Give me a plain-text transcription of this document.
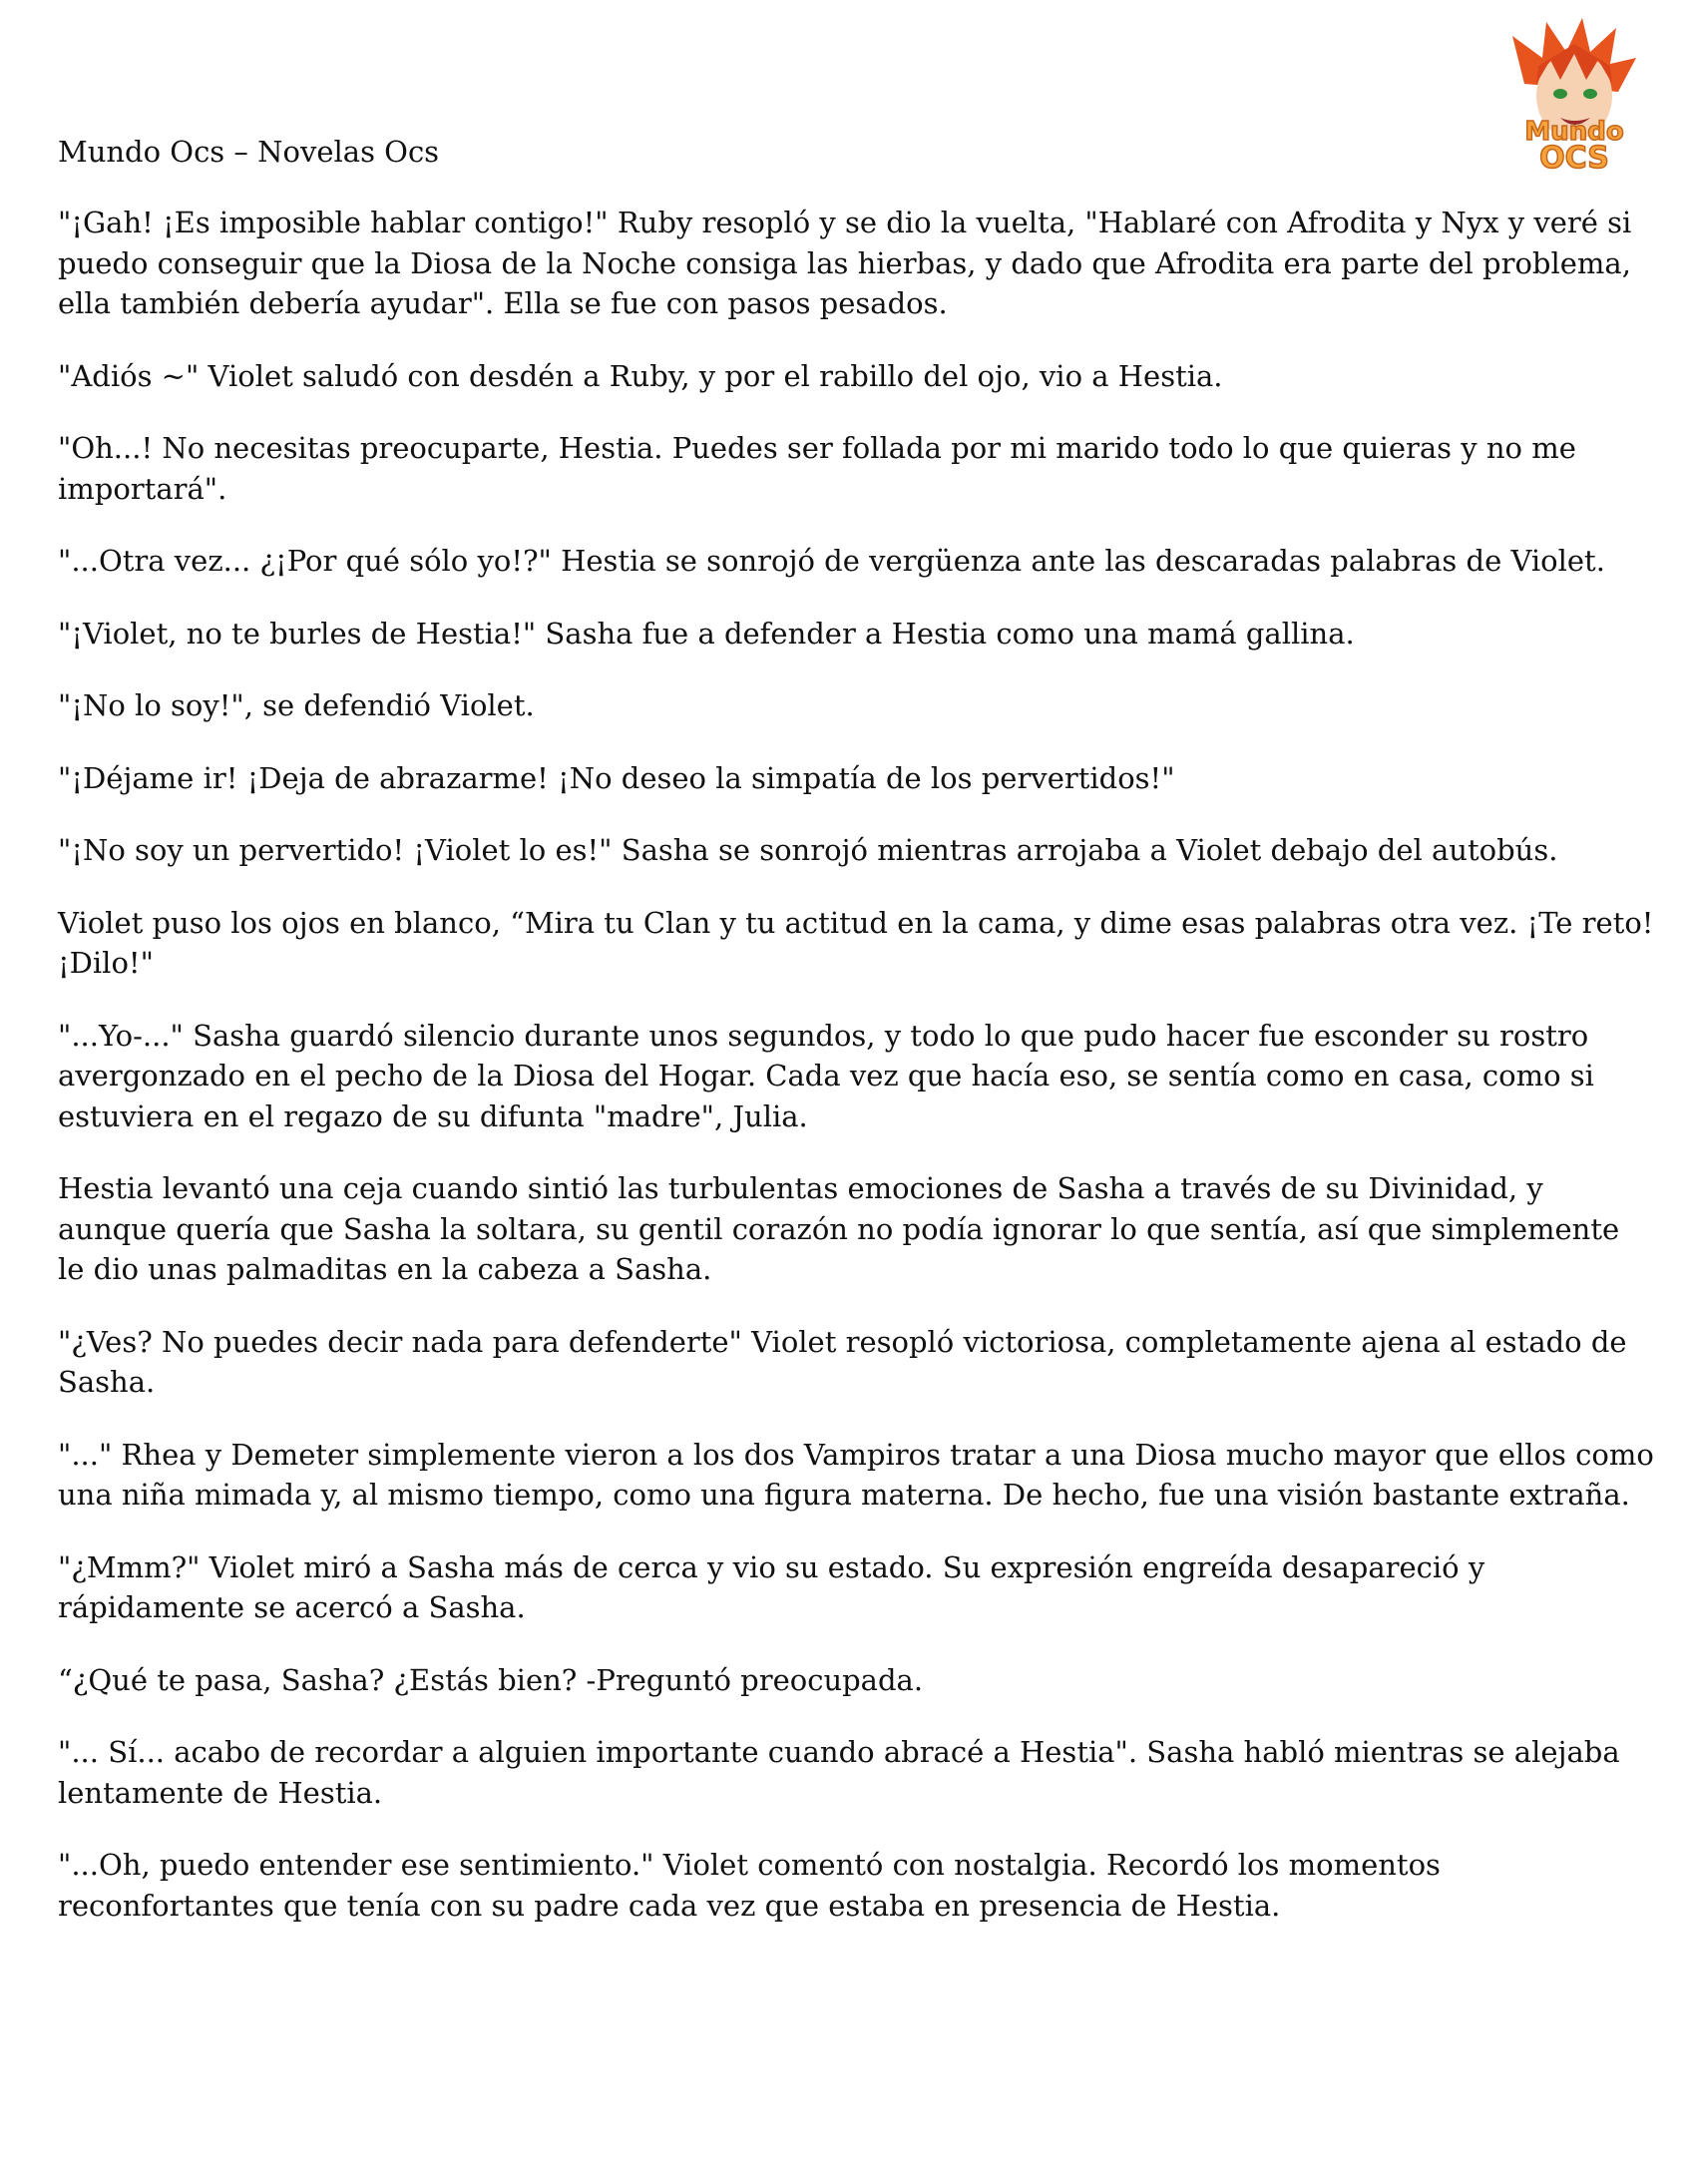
Mundo
OCS
Mundo Ocs – Novelas Ocs

"¡Gah! ¡Es imposible hablar contigo!" Ruby resopló y se dio la vuelta, "Hablaré con Afrodita y Nyx y veré si puedo conseguir que la Diosa de la Noche consiga las hierbas, y dado que Afrodita era parte del problema, ella también debería ayudar". Ella se fue con pasos pesados.

"Adiós ~" Violet saludó con desdén a Ruby, y por el rabillo del ojo, vio a Hestia.

"Oh...! No necesitas preocuparte, Hestia. Puedes ser follada por mi marido todo lo que quieras y no me importará".

"...Otra vez... ¿¡Por qué sólo yo!?" Hestia se sonrojó de vergüenza ante las descaradas palabras de Violet.

"¡Violet, no te burles de Hestia!" Sasha fue a defender a Hestia como una mamá gallina.

"¡No lo soy!", se defendió Violet.

"¡Déjame ir! ¡Deja de abrazarme! ¡No deseo la simpatía de los pervertidos!"

"¡No soy un pervertido! ¡Violet lo es!" Sasha se sonrojó mientras arrojaba a Violet debajo del autobús.

Violet puso los ojos en blanco, “Mira tu Clan y tu actitud en la cama, y dime esas palabras otra vez. ¡Te reto! ¡Dilo!"

"...Yo-..." Sasha guardó silencio durante unos segundos, y todo lo que pudo hacer fue esconder su rostro avergonzado en el pecho de la Diosa del Hogar. Cada vez que hacía eso, se sentía como en casa, como si estuviera en el regazo de su difunta "madre", Julia.

Hestia levantó una ceja cuando sintió las turbulentas emociones de Sasha a través de su Divinidad, y aunque quería que Sasha la soltara, su gentil corazón no podía ignorar lo que sentía, así que simplemente le dio unas palmaditas en la cabeza a Sasha.

"¿Ves? No puedes decir nada para defenderte" Violet resopló victoriosa, completamente ajena al estado de Sasha.

"..." Rhea y Demeter simplemente vieron a los dos Vampiros tratar a una Diosa mucho mayor que ellos como una niña mimada y, al mismo tiempo, como una figura materna. De hecho, fue una visión bastante extraña.

"¿Mmm?" Violet miró a Sasha más de cerca y vio su estado. Su expresión engreída desapareció y rápidamente se acercó a Sasha.

“¿Qué te pasa, Sasha? ¿Estás bien? -Preguntó preocupada.

"... Sí... acabo de recordar a alguien importante cuando abracé a Hestia". Sasha habló mientras se alejaba lentamente de Hestia.

"...Oh, puedo entender ese sentimiento." Violet comentó con nostalgia. Recordó los momentos reconfortantes que tenía con su padre cada vez que estaba en presencia de Hestia.
